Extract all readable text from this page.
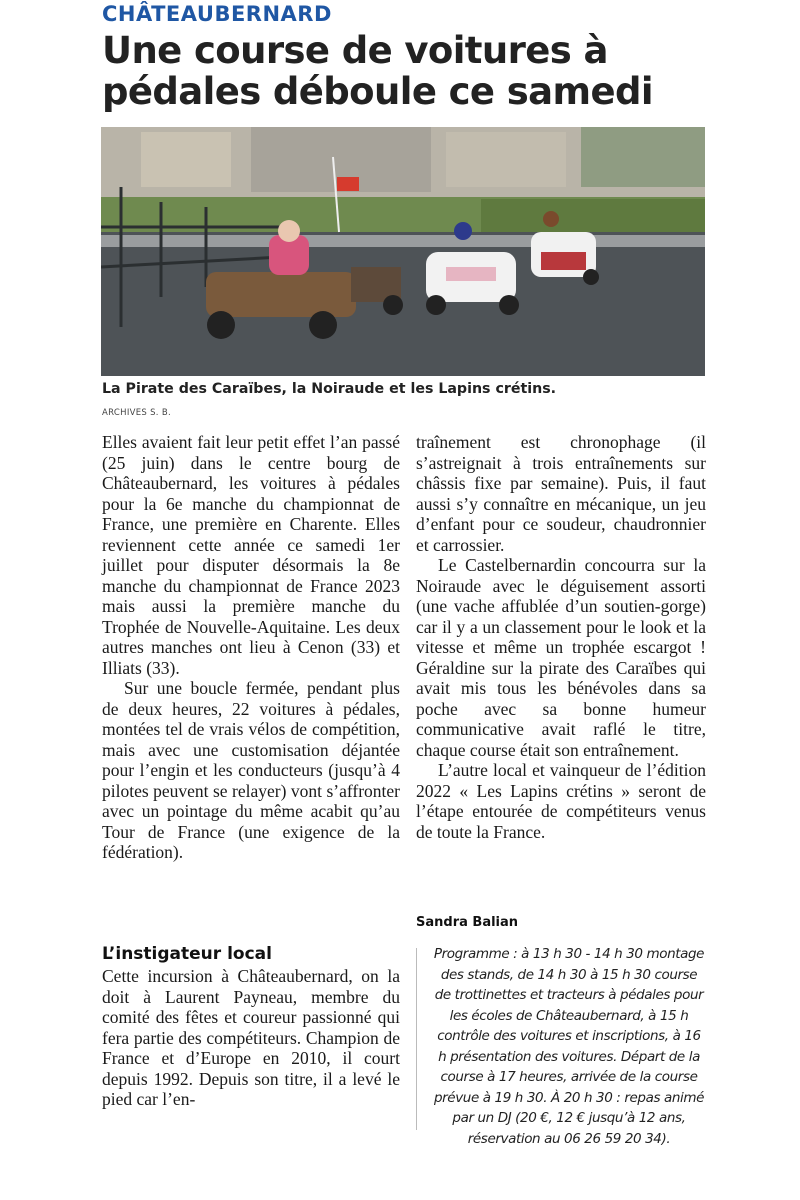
CHÂTEAUBERNARD
Une course de voitures à pédales déboule ce samedi
La Pirate des Caraïbes, la Noiraude et les Lapins crétins.
ARCHIVES S. B.

Elles avaient fait leur petit effet l’an passé (25 juin) dans le centre bourg de Châteaubernard, les voitures à pédales pour la 6e manche du championnat de France, une première en Charente. Elles reviennent cette année ce samedi 1er juillet pour disputer désormais la 8e manche du championnat de France 2023 mais aussi la première manche du Trophée de Nouvelle-Aquitaine. Les deux autres manches ont lieu à Cenon (33) et Illiats (33).

Sur une boucle fermée, pendant plus de deux heures, 22 voitures à pédales, montées tel de vrais vélos de compétition, mais avec une customisation déjantée pour l’engin et les conducteurs (jusqu’à 4 pilotes peuvent se relayer) vont s’affronter avec un pointage du même acabit qu’au Tour de France (une exigence de la fédération).

L’instigateur local

Cette incursion à Châteaubernard, on la doit à Laurent Payneau, membre du comité des fêtes et coureur passionné qui fera partie des compétiteurs. Champion de France et d’Europe en 2010, il court depuis 1992. Depuis son titre, il a levé le pied car l’en-

traînement est chronophage (il s’astreignait à trois entraînements sur châssis fixe par semaine). Puis, il faut aussi s’y connaître en mécanique, un jeu d’enfant pour ce soudeur, chaudronnier et carrossier.

Le Castelbernardin concourra sur la Noiraude avec le déguisement assorti (une vache affublée d’un soutien-gorge) car il y a un classement pour le look et la vitesse et même un trophée escargot ! Géraldine sur la pirate des Caraïbes qui avait mis tous les bénévoles dans sa poche avec sa bonne humeur communicative avait raflé le titre, chaque course était son entraînement.

L’autre local et vainqueur de l’édition 2022 « Les Lapins crétins » seront de l’étape entourée de compétiteurs venus de toute la France.

Sandra Balian
Programme : à 13 h 30 - 14 h 30 montage des stands, de 14 h 30 à 15 h 30 course de trottinettes et tracteurs à pédales pour les écoles de Châteaubernard, à 15 h contrôle des voitures et inscriptions, à 16 h présentation des voitures. Départ de la course à 17 heures, arrivée de la course prévue à 19 h 30. À 20 h 30 : repas animé par un DJ (20 €, 12 € jusqu’à 12 ans, réservation au 06 26 59 20 34).
